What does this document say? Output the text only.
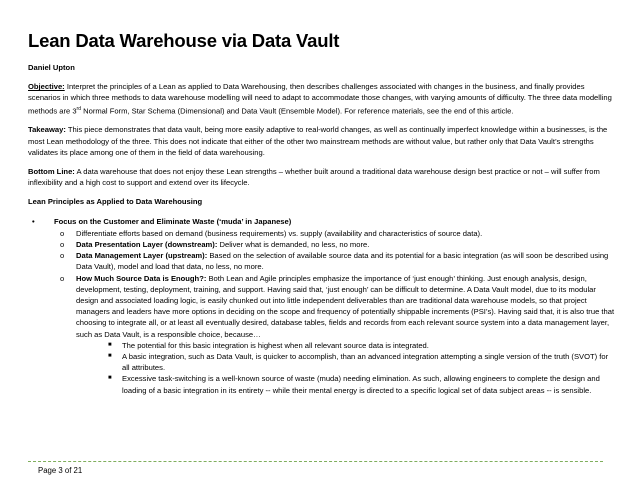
Lean Data Warehouse via Data Vault

Daniel Upton

Objective: Interpret the principles of a Lean as applied to Data Warehousing, then describes challenges associated with changes in the business, and finally provides scenarios in which three methods to data warehouse modelling will need to adapt to accommodate those changes, with varying amounts of difficulty. The three data modelling methods are 3rd Normal Form, Star Schema (Dimensional) and Data Vault (Ensemble Model). For reference materials, see the end of this article.

Takeaway: This piece demonstrates that data vault, being more easily adaptive to real-world changes, as well as continually imperfect knowledge within a businesses, is the most Lean methodology of the three. This does not indicate that either of the other two mainstream methods are without value, but rather only that Data Vault’s strengths validates its place among one of them in the field of data warehousing.

Bottom Line: A data warehouse that does not enjoy these Lean strengths – whether built around a traditional data warehouse design best practice or not – will suffer from inflexibility and a high cost to support and extend over its lifecycle.

Lean Principles as Applied to Data Warehousing

•	Focus on the Customer and Eliminate Waste (‘muda’ in Japanese)
o Differentiate efforts based on demand (business requirements) vs. supply (availability and characteristics of source data).
o Data Presentation Layer (downstream): Deliver what is demanded, no less, no more.
o Data Management Layer (upstream): Based on the selection of available source data and its potential for a basic integration (as will soon be described using Data Vault), model and load that data, no less, no more.
o How Much Source Data is Enough?: Both Lean and Agile principles emphasize the importance of ‘just enough’ thinking. Just enough analysis, design, development, testing, deployment, training, and support. Having said that, ‘just enough’ can be difficult to determine. A Data Vault model, due to its modular design and associated loading logic, is easily chunked out into little independent deliverables than are traditional data warehouse models, so that project managers and leaders have more options in deciding on the scope and frequency of potentially shippable increments (PSI’s). Having said that, it is also true that choosing to integrate all, or at least all eventually desired, database tables, fields and records from each relevant source system into a data management layer, such as Data Vault, is a responsible choice, because…
■ The potential for this basic integration is highest when all relevant source data is integrated.
■ A basic integration, such as Data Vault, is quicker to accomplish, than an advanced integration attempting a single version of the truth (SVOT) for all attributes.
■ Excessive task-switching is a well-known source of waste (muda) needing elimination. As such, allowing engineers to complete the design and loading of a basic integration in its entirety -- while their mental energy is directed to a specific logical set of data subject areas -- is sensible.
Page 3 of 21
